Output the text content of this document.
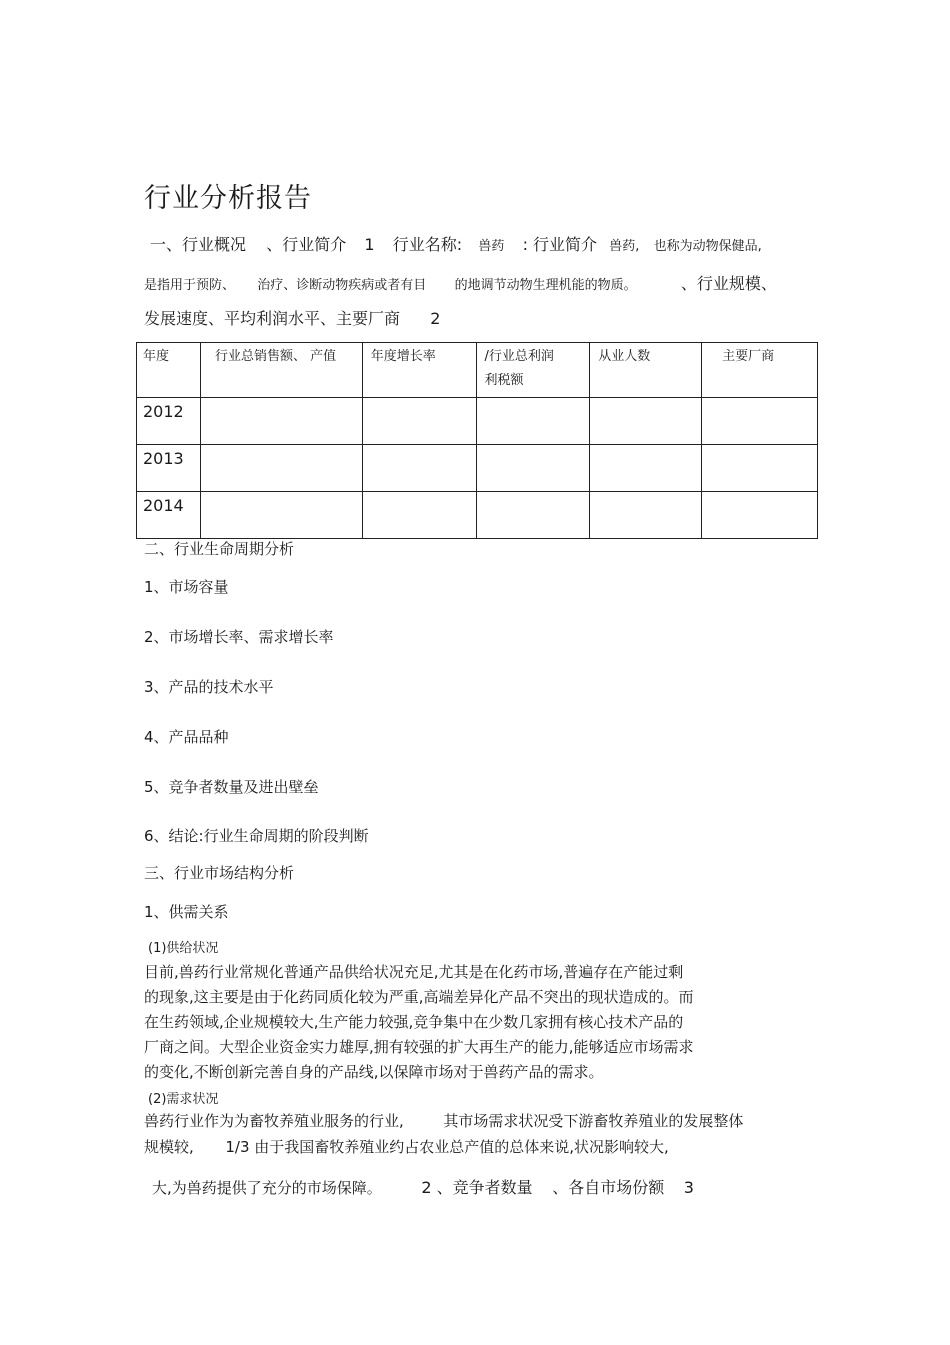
行业分析报告
一、行业概况 、行业简介 1 行业名称: 兽药 : 行业简介 兽药, 也称为动物保健品,
是指用于预防、 治疗、诊断动物疾病或者有目 的地调节动物生理机能的物质。	、行业规模、
发展速度、平均利润水平、主要厂商 2
年度	行业总销售额、 产值	年度增长率	/行业总利润
利税额	从业人数	主要厂商
2012					
2013					
2014					
二、行业生命周期分析
1、市场容量
2、市场增长率、需求增长率
3、产品的技术水平
4、产品品种
5、竞争者数量及进出壁垒
6、结论:行业生命周期的阶段判断
三、行业市场结构分析
1、供需关系
(1)供给状况
目前,兽药行业常规化普通产品供给状况充足,尤其是在化药市场,普遍存在产能过剩
的现象,这主要是由于化药同质化较为严重,高端差异化产品不突出的现状造成的。而
在生药领域,企业规模较大,生产能力较强,竞争集中在少数几家拥有核心技术产品的
厂商之间。大型企业资金实力雄厚,拥有较强的扩大再生产的能力,能够适应市场需求
的变化,不断创新完善自身的产品线,以保障市场对于兽药产品的需求。
(2)需求状况
兽药行业作为为畜牧养殖业服务的行业,	其市场需求状况受下游畜牧养殖业的发展整体
规模较, 1/3 由于我国畜牧养殖业约占农业总产值的总体来说,状况影响较大,
大,为兽药提供了充分的市场保障。 2 、竞争者数量 、各自市场份额 3
